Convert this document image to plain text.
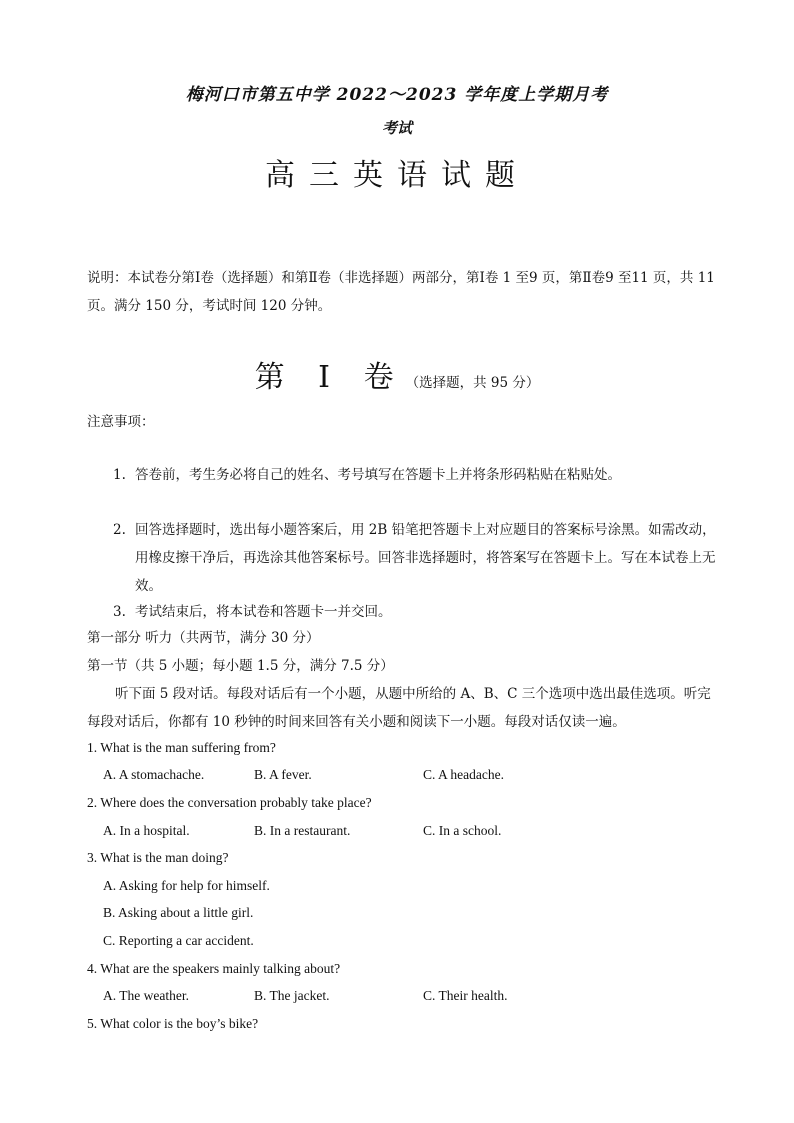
梅河口市第五中学 2022～2023 学年度上学期月考
考试
高三英语试题
说明：本试卷分第Ⅰ卷（选择题）和第Ⅱ卷（非选择题）两部分，第Ⅰ卷 1 至9 页，第Ⅱ卷9 至11 页，共 11 页。满分 150 分，考试时间 120 分钟。
第 Ⅰ 卷（选择题，共 95 分）
注意事项：
1. 答卷前，考生务必将自己的姓名、考号填写在答题卡上并将条形码粘贴在粘贴处。
2. 回答选择题时，选出每小题答案后，用 2B 铅笔把答题卡上对应题目的答案标号涂黑。如需改动，
用橡皮擦干净后，再选涂其他答案标号。回答非选择题时，将答案写在答题卡上。写在本试卷上无效。
3. 考试结束后，将本试卷和答题卡一并交回。
第一部分 听力（共两节，满分 30 分）
第一节（共 5 小题；每小题 1.5 分，满分 7.5 分）
听下面 5 段对话。每段对话后有一个小题，从题中所给的 A、B、C 三个选项中选出最佳选项。听完每段对话后，你都有 10 秒钟的时间来回答有关小题和阅读下一小题。每段对话仅读一遍。
1. What is the man suffering from?
A. A stomachache.	B. A fever.	C. A headache.
2. Where does the conversation probably take place?
A. In a hospital.	B. In a restaurant.	C. In a school.
3. What is the man doing?
A. Asking for help for himself.
B. Asking about a little girl.
C. Reporting a car accident.
4. What are the speakers mainly talking about?
A. The weather.	B. The jacket.	C. Their health.
5. What color is the boy’s bike?
